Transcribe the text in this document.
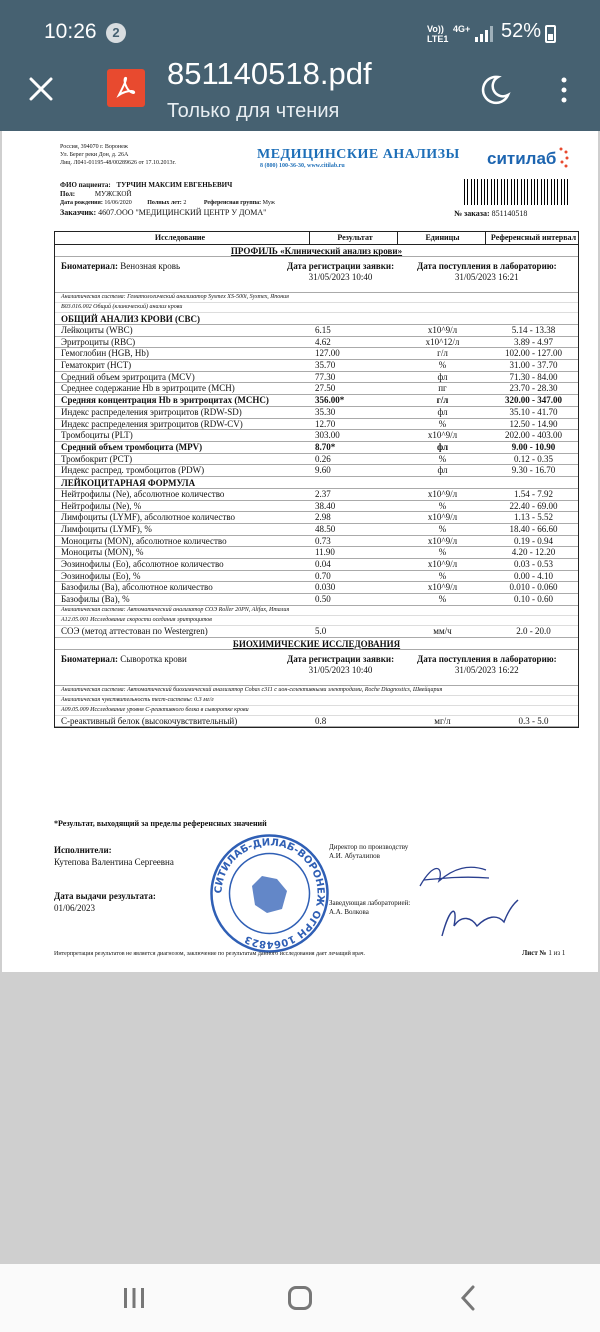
10:26	2	Vo)) LTE1
4G+ 52%
851140518.pdf
Только для чтения
Россия, 394070 г. Воронеж
Ул. Берег реки Дон, д. 26А
Лиц. Л041-01195-48/00289626 от 17.10.2013г.
МЕДИЦИНСКИЕ АНАЛИЗЫ
8 (800) 100-36-30, www.citilab.ru	ситилаб
ФИО пациента: ТУРЧИН МАКСИМ ЕВГЕНЬЕВИЧ
Пол:	МУЖСКОЙ
Дата рождения: 16/06/2020	Полных лет: 2	Референсная группа: Муж
№ заказа: 851140518
Заказчик: 4607.ООО "МЕДИЦИНСКИЙ ЦЕНТР У ДОМА"
Исследование	Результат	Единицы	Референсный интервал
ПРОФИЛЬ «Клинический анализ крови»
Биоматериал: Венозная кровь	Дата регистрации заявки:
31/05/2023 10:40
Дата поступления в лабораторию:
31/05/2023 16:21
Аналитическая система: Гематологический анализатор Sysmex XS-500i, Sysmex, Япония
B03.016.002 Общий (клинический) анализ крови
ОБЩИЙ АНАЛИЗ КРОВИ (CBC)
Лейкоциты (WBC)	6.15	x10^9/л	5.14 - 13.38
Эритроциты (RBC)	4.62	x10^12/л	3.89 - 4.97
Гемоглобин (HGB, Hb)	127.00	г/л	102.00 - 127.00
Гематокрит (HCT)	35.70	%	31.00 - 37.70
Средний объем эритроцита (MCV)	77.30	фл	71.30 - 84.00
Среднее содержание Hb в эритроците (MCH)	27.50	пг	23.70 - 28.30
Средняя концентрация Hb в эритроцитах (MCHC)	356.00*	г/л	320.00 - 347.00
Индекс распределения эритроцитов (RDW-SD)	35.30	фл	35.10 - 41.70
Индекс распределения эритроцитов (RDW-CV)	12.70	%	12.50 - 14.90
Тромбоциты (PLT)	303.00	x10^9/л	202.00 - 403.00
Средний объем тромбоцита (MPV)	8.70*	фл	9.00 - 10.90
Тромбокрит (PCT)	0.26	%	0.12 - 0.35
Индекс распред. тромбоцитов (PDW)	9.60	фл	9.30 - 16.70
ЛЕЙКОЦИТАРНАЯ ФОРМУЛА
Нейтрофилы (Ne), абсолютное количество	2.37	x10^9/л	1.54 - 7.92
Нейтрофилы (Ne), %	38.40	%	22.40 - 69.00
Лимфоциты (LYMF), абсолютное количество	2.98	x10^9/л	1.13 - 5.52
Лимфоциты (LYMF), %	48.50	%	18.40 - 66.60
Моноциты (MON), абсолютное количество	0.73	x10^9/л	0.19 - 0.94
Моноциты (MON), %	11.90	%	4.20 - 12.20
Эозинофилы (Eo), абсолютное количество	0.04	x10^9/л	0.03 - 0.53
Эозинофилы (Eo), %	0.70	%	0.00 - 4.10
Базофилы (Ba), абсолютное количество	0.030	x10^9/л	0.010 - 0.060
Базофилы (Ba), %	0.50	%	0.10 - 0.60
Аналитическая система: Автоматический анализатор СОЭ Roller 20PN, Alifax, Италия
A12.05.001 Исследование скорости оседания эритроцитов
СОЭ (метод аттестован по Westergren)	5.0	мм/ч	2.0 - 20.0
БИОХИМИЧЕСКИЕ ИССЛЕДОВАНИЯ
Биоматериал: Сыворотка крови	Дата регистрации заявки:
31/05/2023 10:40
Дата поступления в лабораторию:
31/05/2023 16:22
Аналитическая система: Автоматический биохимический анализатор Cobas c311 с ион-селективными электродами, Roche Diagnostics, Швейцария
Аналитическая чувствительность тест-системы: 0.3 мг/л
A09.05.009 Исследование уровня С-реактивного белка в сыворотке крови
С-реактивный белок (высокочувствительный)	0.8	мг/л	0.3 - 5.0
*Результат, выходящий за пределы референсных значений
Исполнители:
Кутепова Валентина Сергеевна
Дата выдачи результата:
01/06/2023
СИТИЛАБ-ДИЛАБ-ВОРОНЕЖ ОГРН 1064823
Директор по производству
А.И. Абуталипов
Заведующая лабораторией:
А.А. Волкова
Интерпретация результатов не является диагнозом, заключение по результатам данного исследования дает лечащий врач.	Лист № 1 из 1
